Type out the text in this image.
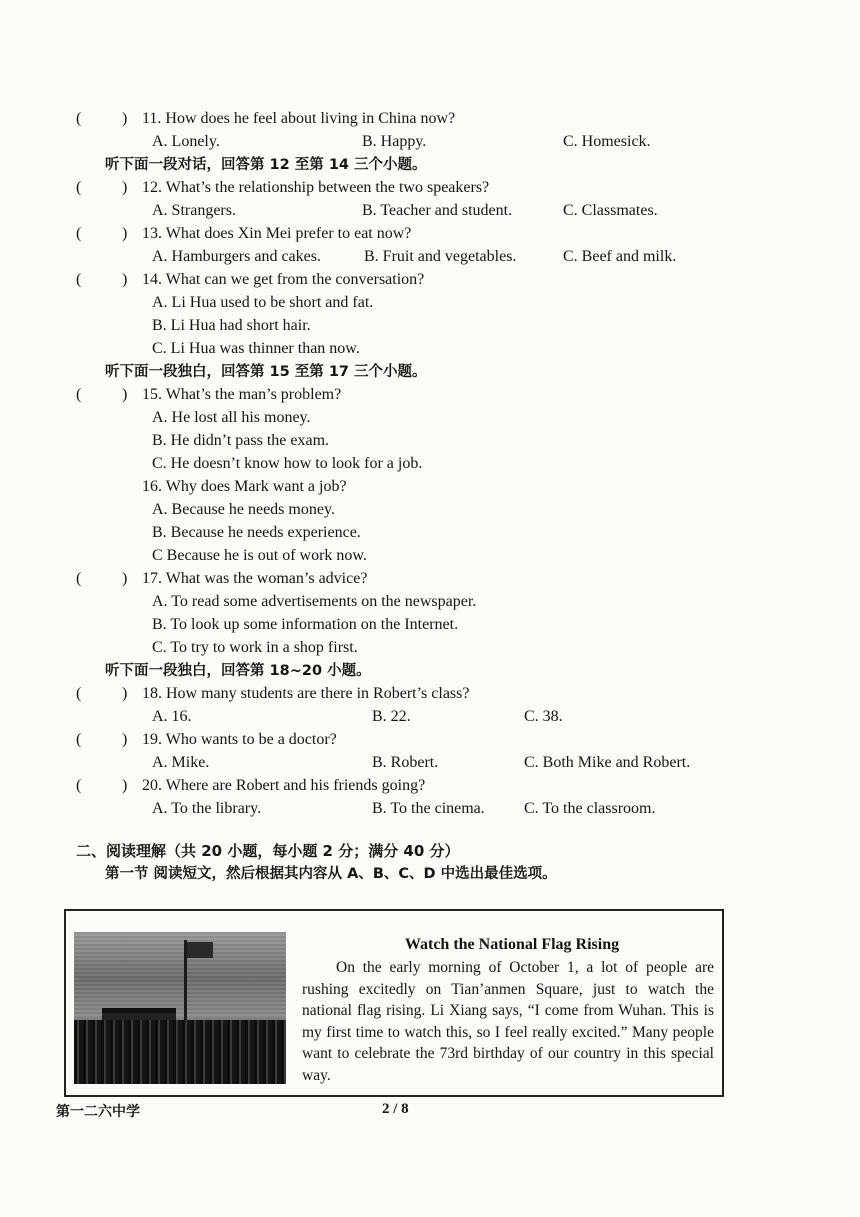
(	) 11. How does he feel about living in China now?
A. Lonely.	B. Happy.	C. Homesick.
听下面一段对话，回答第 12 至第 14 三个小题。
(	) 12. What’s the relationship between the two speakers?
A. Strangers.	B. Teacher and student.	C. Classmates.
(	) 13. What does Xin Mei prefer to eat now?
A. Hamburgers and cakes.	B. Fruit and vegetables.	C. Beef and milk.
(	) 14. What can we get from the conversation?
A. Li Hua used to be short and fat.
B. Li Hua had short hair.
C. Li Hua was thinner than now.
听下面一段独白，回答第 15 至第 17 三个小题。
(	) 15. What’s the man’s problem?
A. He lost all his money.
B. He didn’t pass the exam.
C. He doesn’t know how to look for a job.
16. Why does Mark want a job?
A. Because he needs money.
B. Because he needs experience.
C Because he is out of work now.
(	) 17. What was the woman’s advice?
A. To read some advertisements on the newspaper.
B. To look up some information on the Internet.
C. To try to work in a shop first.
听下面一段独白，回答第 18~20 小题。
(	) 18. How many students are there in Robert’s class?
A. 16.	B. 22.	C. 38.
(	) 19. Who wants to be a doctor?
A. Mike.	B. Robert.	C. Both Mike and Robert.
(	) 20. Where are Robert and his friends going?
A. To the library.	B. To the cinema. C. To the classroom.
二、阅读理解（共 20 小题，每小题 2 分；满分 40 分）
第一节 阅读短文，然后根据其内容从 A、B、C、D 中选出最佳选项。
Watch the National Flag Rising

On the early morning of October 1, a lot of people are rushing excitedly on Tian’anmen Square, just to watch the national flag rising. Li Xiang says, “I come from Wuhan. This is my first time to watch this, so I feel really excited.” Many people want to celebrate the 73rd birthday of our country in this special way.

第一二六中学	2 / 8
